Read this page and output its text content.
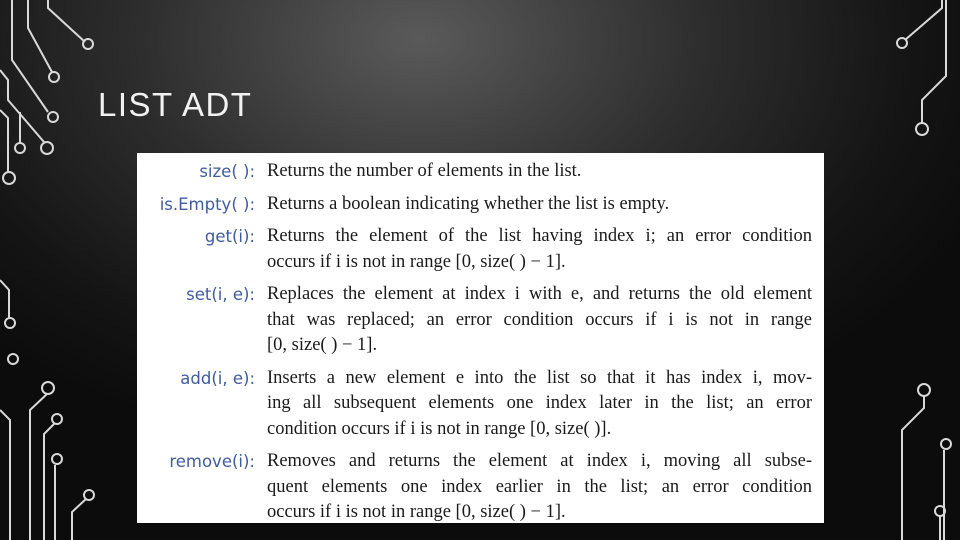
LIST ADT
size( ): Returns the number of elements in the list.

is.Empty( ): Returns a boolean indicating whether the list is empty.

get(i): Returns the element of the list having index i; an error condition

occurs if i is not in range [0, size( ) − 1].

set(i, e): Replaces the element at index i with e, and returns the old element

that was replaced; an error condition occurs if i is not in range

[0, size( ) − 1].

add(i, e): Inserts a new element e into the list so that it has index i, mov-

ing all subsequent elements one index later in the list; an error

condition occurs if i is not in range [0, size( )].

remove(i): Removes and returns the element at index i, moving all subse-

quent elements one index earlier in the list; an error condition

occurs if i is not in range [0, size( ) − 1].
